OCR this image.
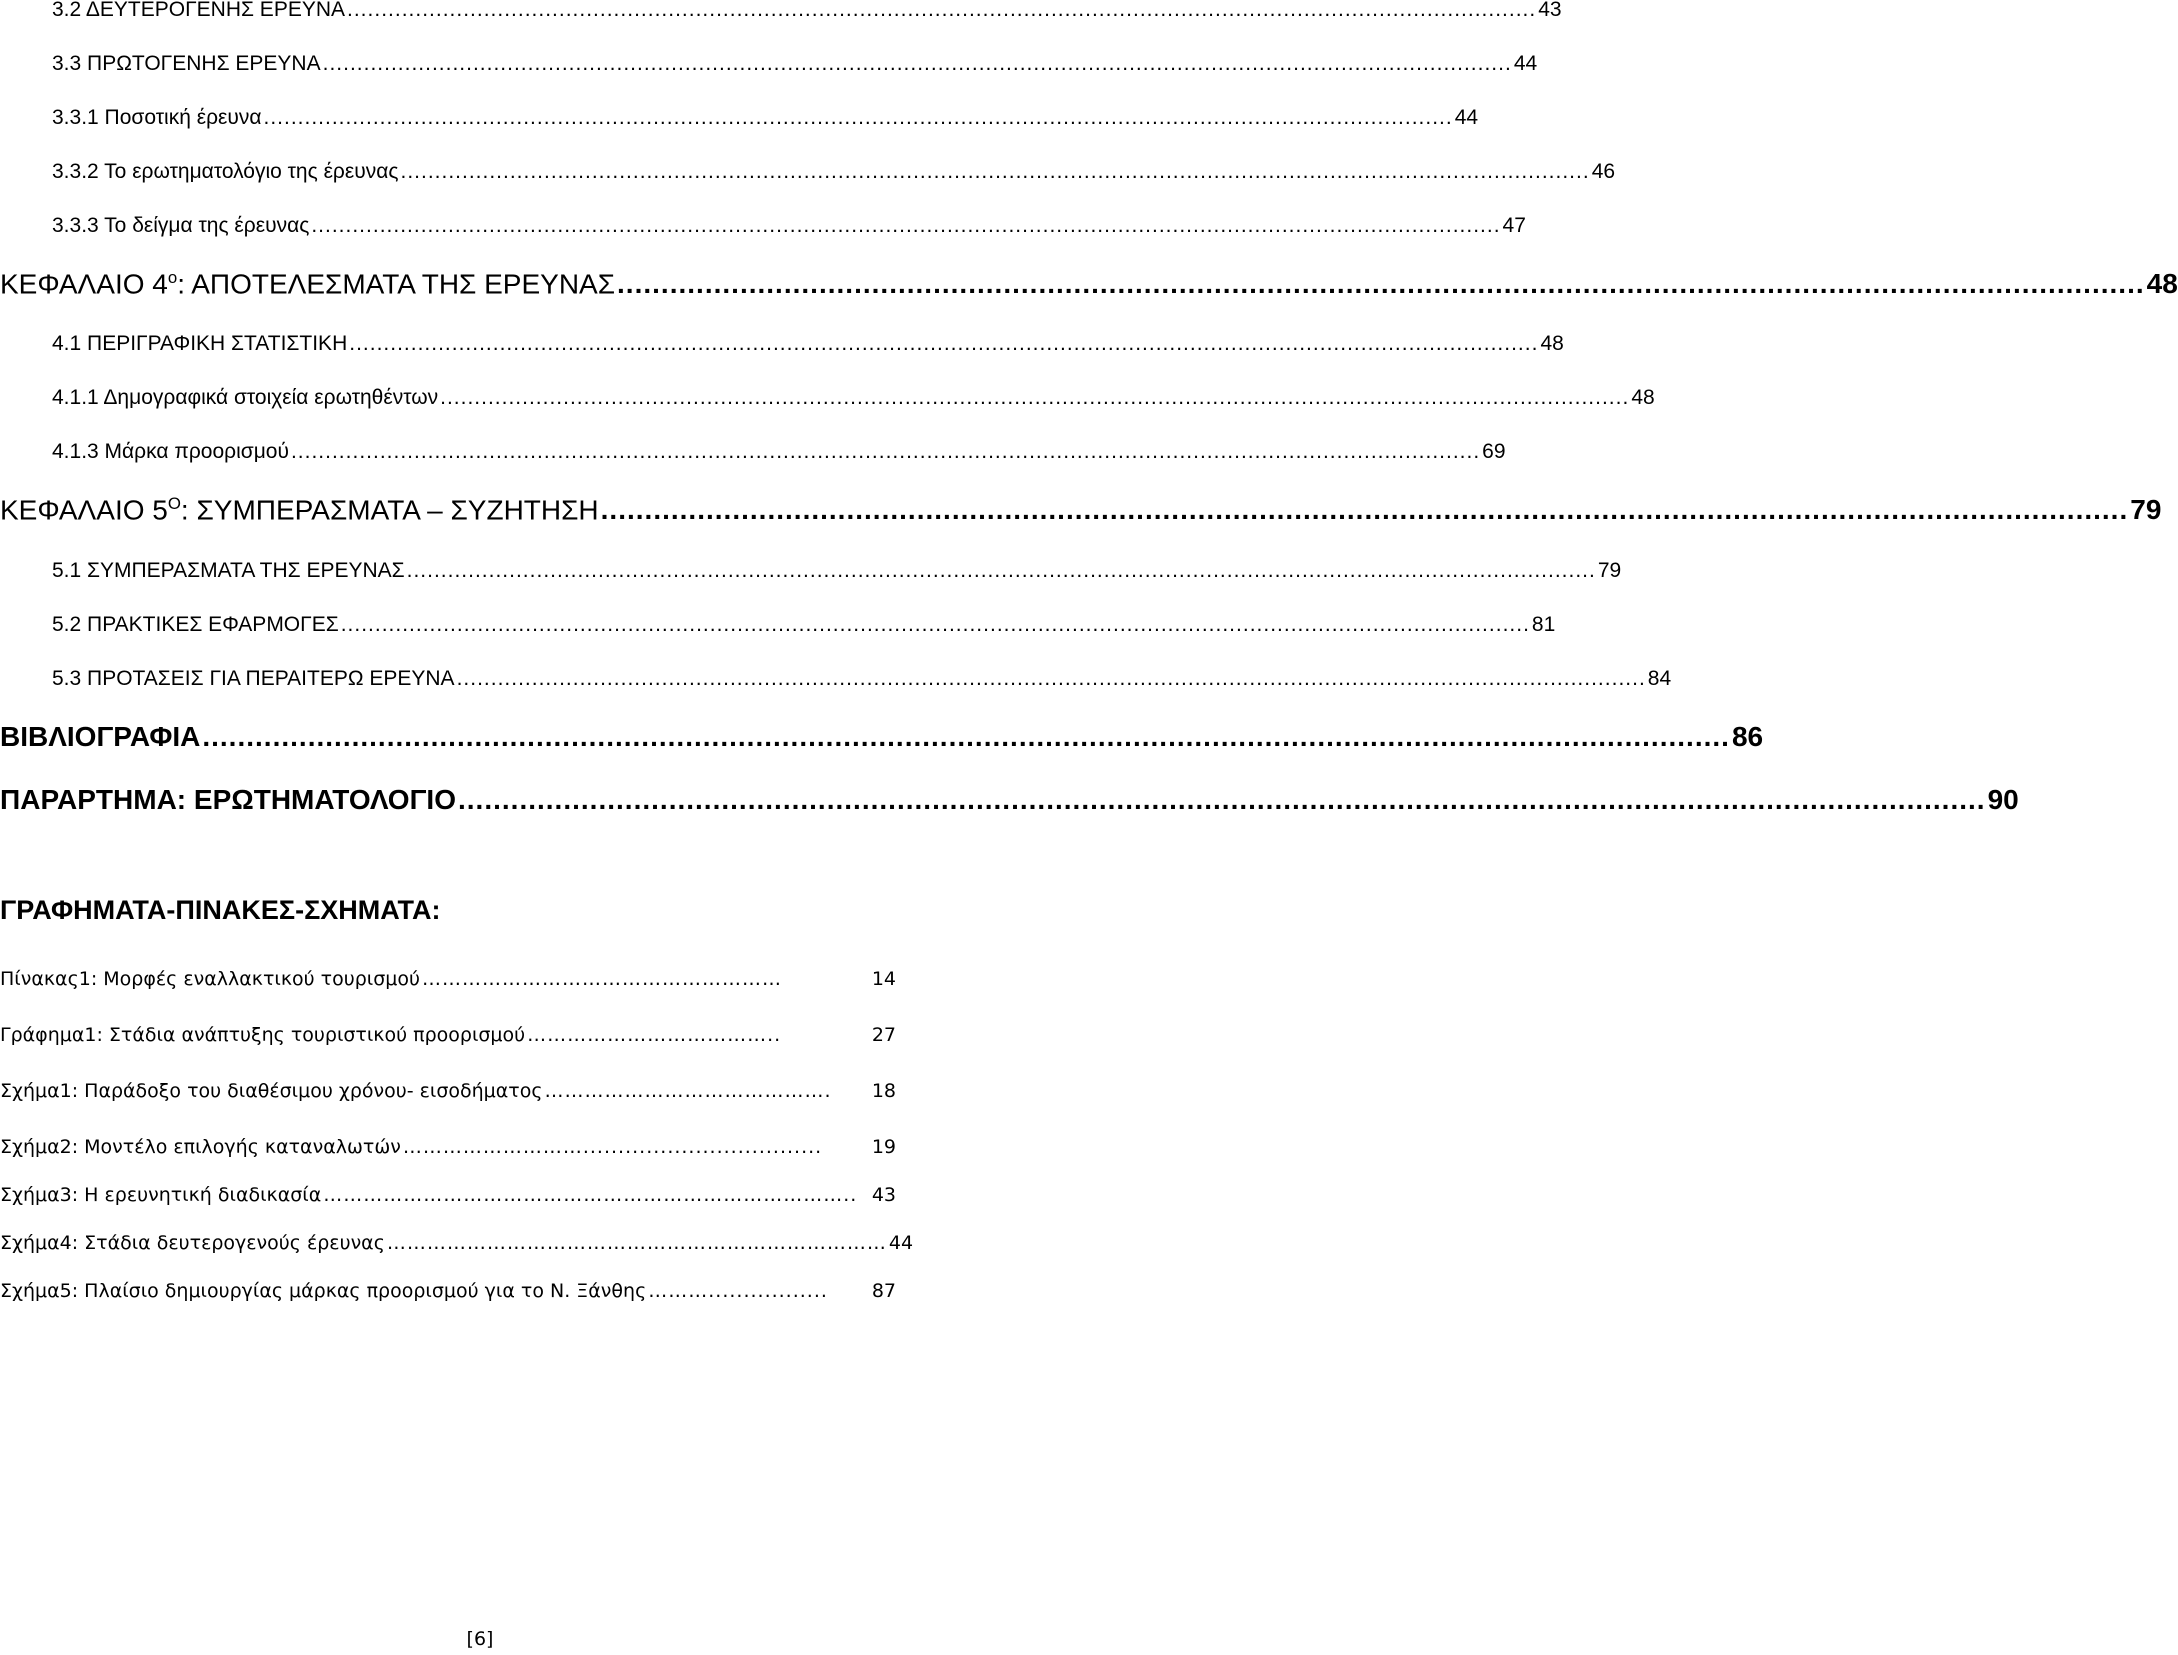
3.2 ΔΕΥΤΕΡΟΓΕΝΗΣ ΕΡΕΥΝΑ .............................................................................................................................................................................. 43
3.3 ΠΡΩΤΟΓΕΝΗΣ ΕΡΕΥΝΑ .............................................................................................................................................................................. 44
3.3.1 Ποσοτική έρευνα .............................................................................................................................................................................. 44
3.3.2 Το ερωτηματολόγιο της έρευνας .............................................................................................................................................................................. 46
3.3.3 Το δείγμα της έρευνας .............................................................................................................................................................................. 47
ΚΕΦΑΛΑΙΟ $4^o$: ΑΠΟΤΕΛΕΣΜΑΤΑ ΤΗΣ ΕΡΕΥΝΑΣ .............................................................................................................................................................................. 48
4.1 ΠΕΡΙΓΡΑΦΙΚΗ ΣΤΑΤΙΣΤΙΚΗ .............................................................................................................................................................................. 48
4.1.1 Δημογραφικά στοιχεία ερωτηθέντων .............................................................................................................................................................................. 48
4.1.3 Μάρκα προορισμού .............................................................................................................................................................................. 69
ΚΕΦΑΛΑΙΟ $5^O$: ΣΥΜΠΕΡΑΣΜΑΤΑ – ΣΥΖΗΤΗΣΗ .............................................................................................................................................................................. 79
5.1 ΣΥΜΠΕΡΑΣΜΑΤΑ ΤΗΣ ΕΡΕΥΝΑΣ .............................................................................................................................................................................. 79
5.2 ΠΡΑΚΤΙΚΕΣ ΕΦΑΡΜΟΓΕΣ .............................................................................................................................................................................. 81
5.3 ΠΡΟΤΑΣΕΙΣ ΓΙΑ ΠΕΡΑΙΤΕΡΩ ΕΡΕΥΝΑ .............................................................................................................................................................................. 84
ΒΙΒΛΙΟΓΡΑΦΙΑ .............................................................................................................................................................................. 86
ΠΑΡΑΡΤΗΜΑ: ΕΡΩΤΗΜΑΤΟΛΟΓΙΟ .............................................................................................................................................................................. 90
ΓΡΑΦΗΜΑΤΑ-ΠΙΝΑΚΕΣ-ΣΧΗΜΑΤΑ:
Πίνακας1: Μορφές εναλλακτικού τουρισμού ………………………………………………	14
Γράφημα1: Στάδια ανάπτυξης τουριστικού προορισμού ………………………………..	27
Σχήμα1: Παράδοξο του διαθέσιμου χρόνου- εισοδήματος …………………………………….	18
Σχήμα2: Μοντέλο επιλογής καταναλωτών ………………………..................................	19
Σχήμα3: Η ερευνητική διαδικασία …………………………………………………………………….. 43
Σχήμα4: Στάδια δευτερογενούς έρευνας ………………………………………………………………… 44
Σχήμα5: Πλαίσιο δημιουργίας μάρκας προορισμού για το Ν. Ξάνθης ……….................	87
[6]
